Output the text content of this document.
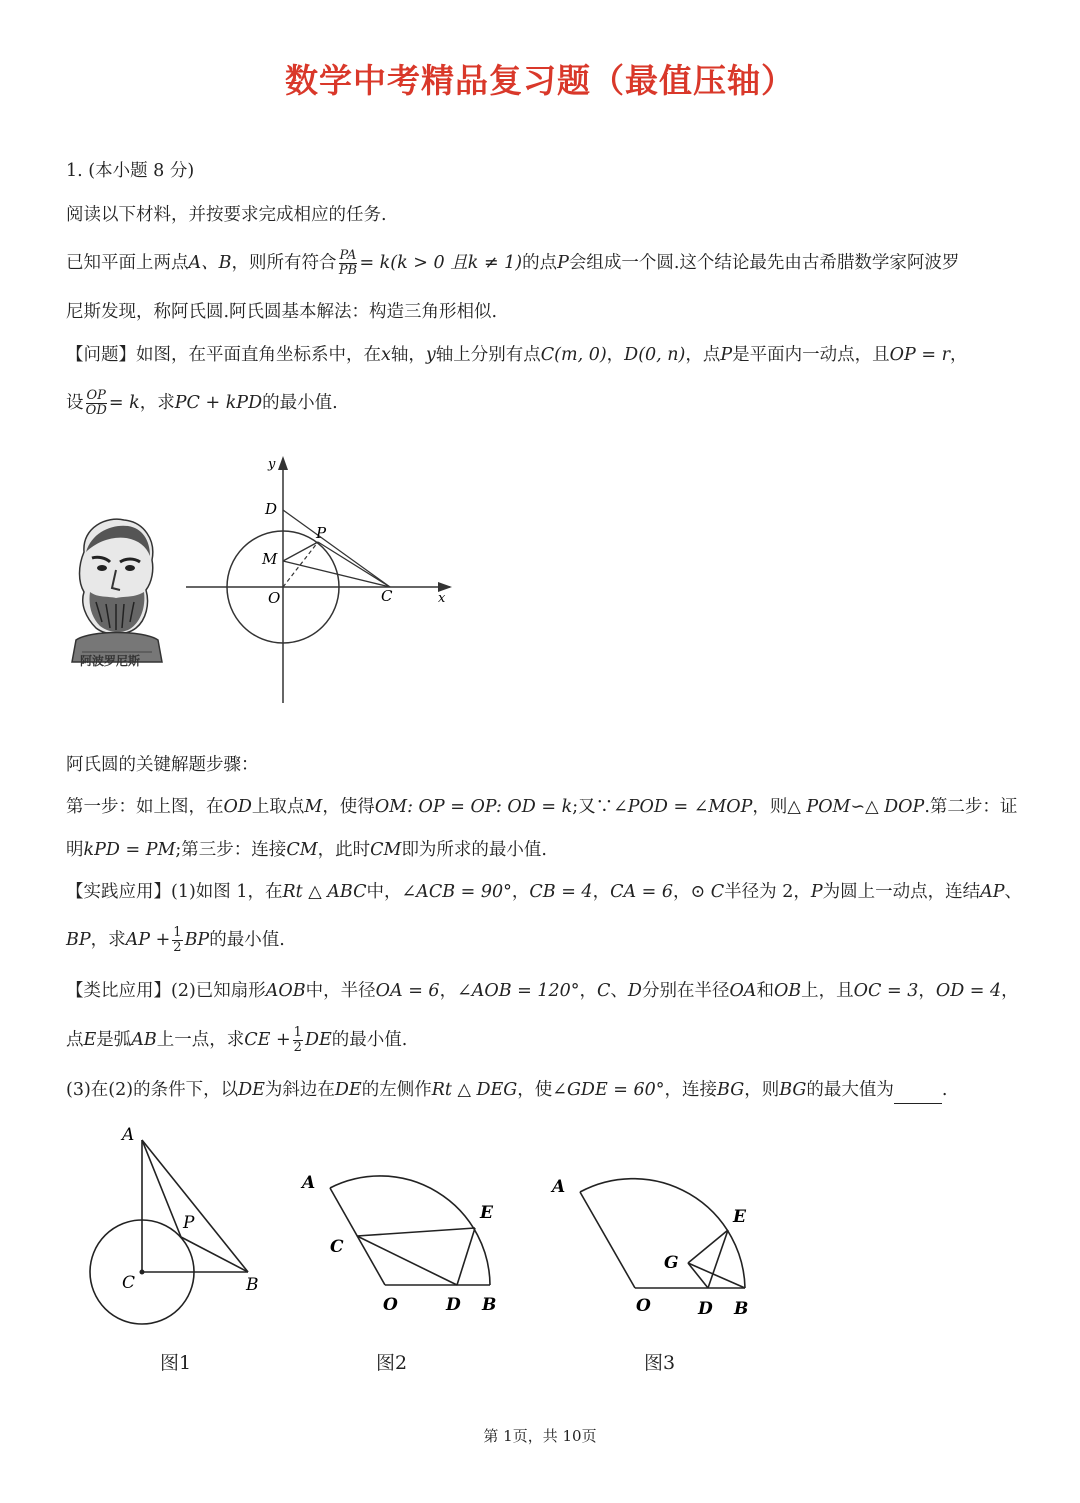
数学中考精品复习题（最值压轴）
1. (本小题 8 分)
阅读以下材料，并按要求完成相应的任务.
已知平面上两点A、B，则所有符合 $\frac{PA}{PB} = k(k > 0$ 且k ≠ 1)的点P会组成一个圆.这个结论最先由古希腊数学家阿波罗
尼斯发现，称阿氏圆.阿氏圆基本解法：构造三角形相似.
【问题】如图，在平面直角坐标系中，在x轴，y轴上分别有点C(m, 0)，D(0, n)，点P是平面内一动点，且OP = r，
设 $\frac{OP}{OD} = k$，求PC + kPD的最小值.
阿波罗尼斯
y
x
D
P
M
O	C
阿氏圆的关键解题步骤：
第一步：如上图，在OD上取点M，使得OM: OP = OP: OD = k;又∵∠POD = ∠MOP，则△ POM∽△ DOP.第二步：证
明kPD = PM;第三步：连接CM，此时CM即为所求的最小值.
【实践应用】(1)如图 1，在Rt △ ABC中，∠ACB = 90°，CB = 4，CA = 6，⊙ C半径为 2，P为圆上一动点，连结AP、
BP，求AP + $\frac{1}{2}$ BP的最小值.
【类比应用】(2)已知扇形AOB中，半径OA = 6，∠AOB = 120°，C、D分别在半径OA和OB上，且OC = 3，OD = 4，
点E是弧AB上一点，求CE + $\frac{1}{2}$ DE的最小值.
(3)在(2)的条件下，以DE为斜边在DE的左侧作Rt △ DEG，使∠GDE = 60°，连接BG，则BG的最大值为	.
A
P
C	B
图1
A
E
C
O	D B
图2
A
E
G
O	D B
图3
第 1页，共 10页
